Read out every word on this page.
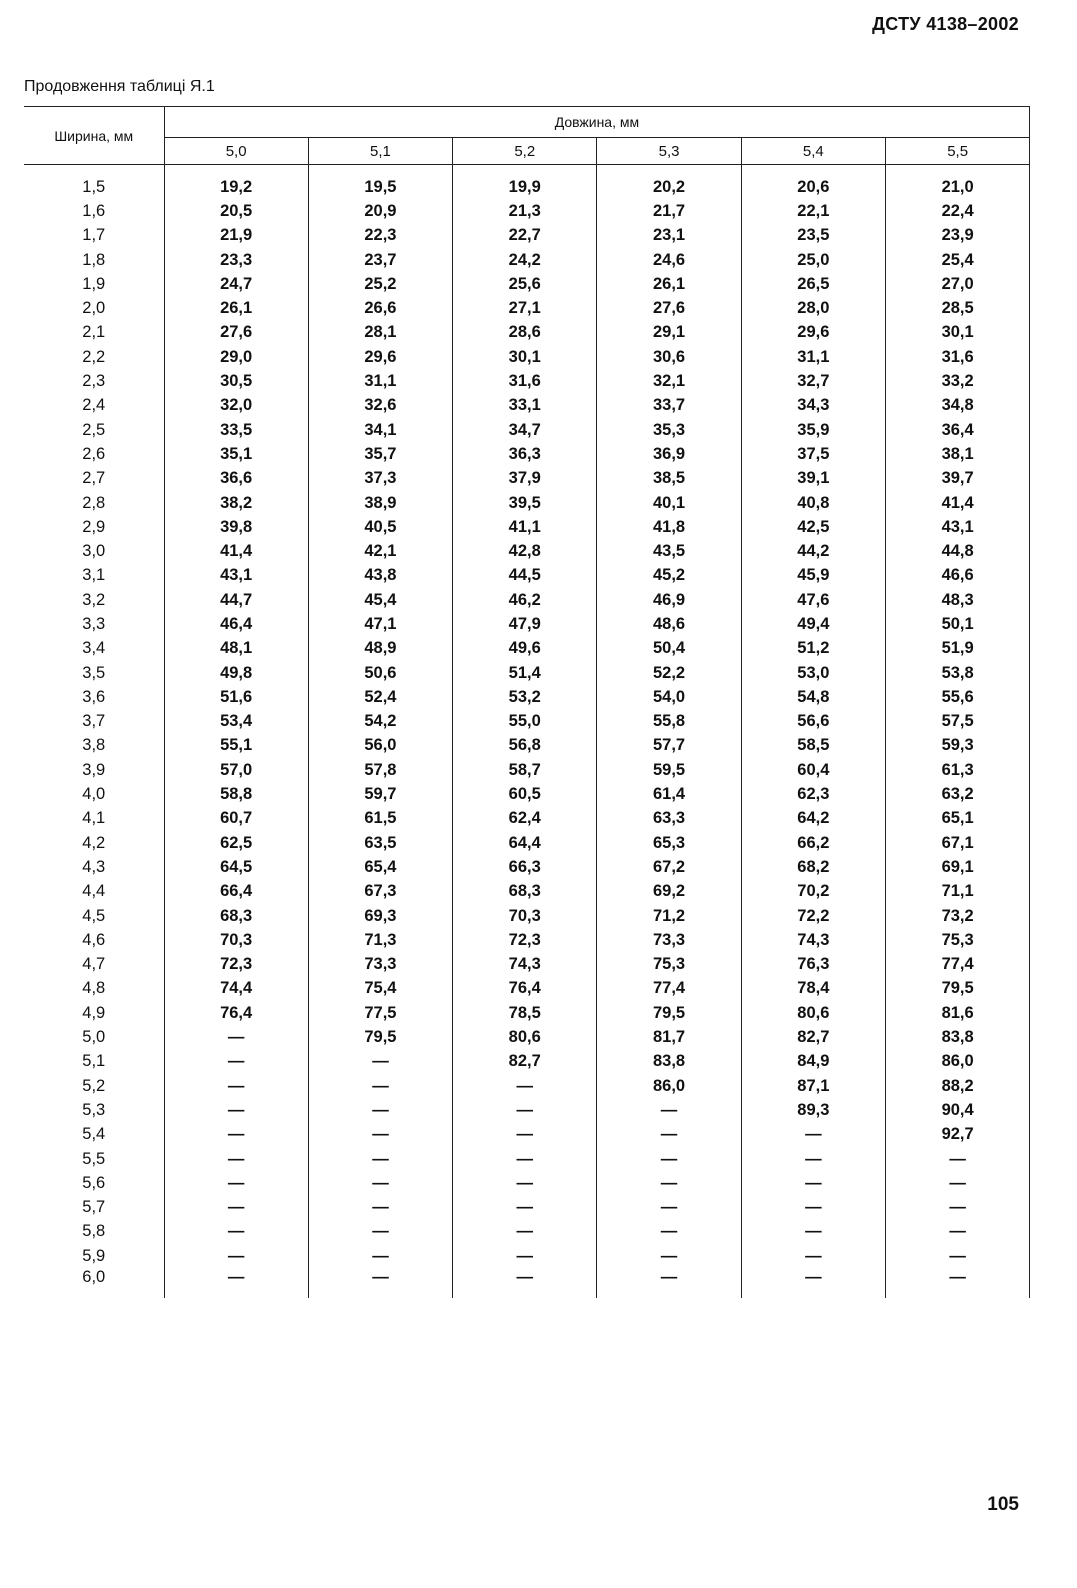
ДСТУ 4138–2002
Продовження таблиці Я.1
Ширина, мм	Довжина, мм					
	5,0	5,1	5,2	5,3	5,4	5,5
1,5	19,2	19,5	19,9	20,2	20,6	21,0
1,6	20,5	20,9	21,3	21,7	22,1	22,4
1,7	21,9	22,3	22,7	23,1	23,5	23,9
1,8	23,3	23,7	24,2	24,6	25,0	25,4
1,9	24,7	25,2	25,6	26,1	26,5	27,0
2,0	26,1	26,6	27,1	27,6	28,0	28,5
2,1	27,6	28,1	28,6	29,1	29,6	30,1
2,2	29,0	29,6	30,1	30,6	31,1	31,6
2,3	30,5	31,1	31,6	32,1	32,7	33,2
2,4	32,0	32,6	33,1	33,7	34,3	34,8
2,5	33,5	34,1	34,7	35,3	35,9	36,4
2,6	35,1	35,7	36,3	36,9	37,5	38,1
2,7	36,6	37,3	37,9	38,5	39,1	39,7
2,8	38,2	38,9	39,5	40,1	40,8	41,4
2,9	39,8	40,5	41,1	41,8	42,5	43,1
3,0	41,4	42,1	42,8	43,5	44,2	44,8
3,1	43,1	43,8	44,5	45,2	45,9	46,6
3,2	44,7	45,4	46,2	46,9	47,6	48,3
3,3	46,4	47,1	47,9	48,6	49,4	50,1
3,4	48,1	48,9	49,6	50,4	51,2	51,9
3,5	49,8	50,6	51,4	52,2	53,0	53,8
3,6	51,6	52,4	53,2	54,0	54,8	55,6
3,7	53,4	54,2	55,0	55,8	56,6	57,5
3,8	55,1	56,0	56,8	57,7	58,5	59,3
3,9	57,0	57,8	58,7	59,5	60,4	61,3
4,0	58,8	59,7	60,5	61,4	62,3	63,2
4,1	60,7	61,5	62,4	63,3	64,2	65,1
4,2	62,5	63,5	64,4	65,3	66,2	67,1
4,3	64,5	65,4	66,3	67,2	68,2	69,1
4,4	66,4	67,3	68,3	69,2	70,2	71,1
4,5	68,3	69,3	70,3	71,2	72,2	73,2
4,6	70,3	71,3	72,3	73,3	74,3	75,3
4,7	72,3	73,3	74,3	75,3	76,3	77,4
4,8	74,4	75,4	76,4	77,4	78,4	79,5
4,9	76,4	77,5	78,5	79,5	80,6	81,6
5,0	—	79,5	80,6	81,7	82,7	83,8
5,1	—	—	82,7	83,8	84,9	86,0
5,2	—	—	—	86,0	87,1	88,2
5,3	—	—	—	—	89,3	90,4
5,4	—	—	—	—	—	92,7
5,5	—	—	—	—	—	—
5,6	—	—	—	—	—	—
5,7	—	—	—	—	—	—
5,8	—	—	—	—	—	—
5,9	—	—	—	—	—	—
6,0	—	—	—	—	—	—
105
